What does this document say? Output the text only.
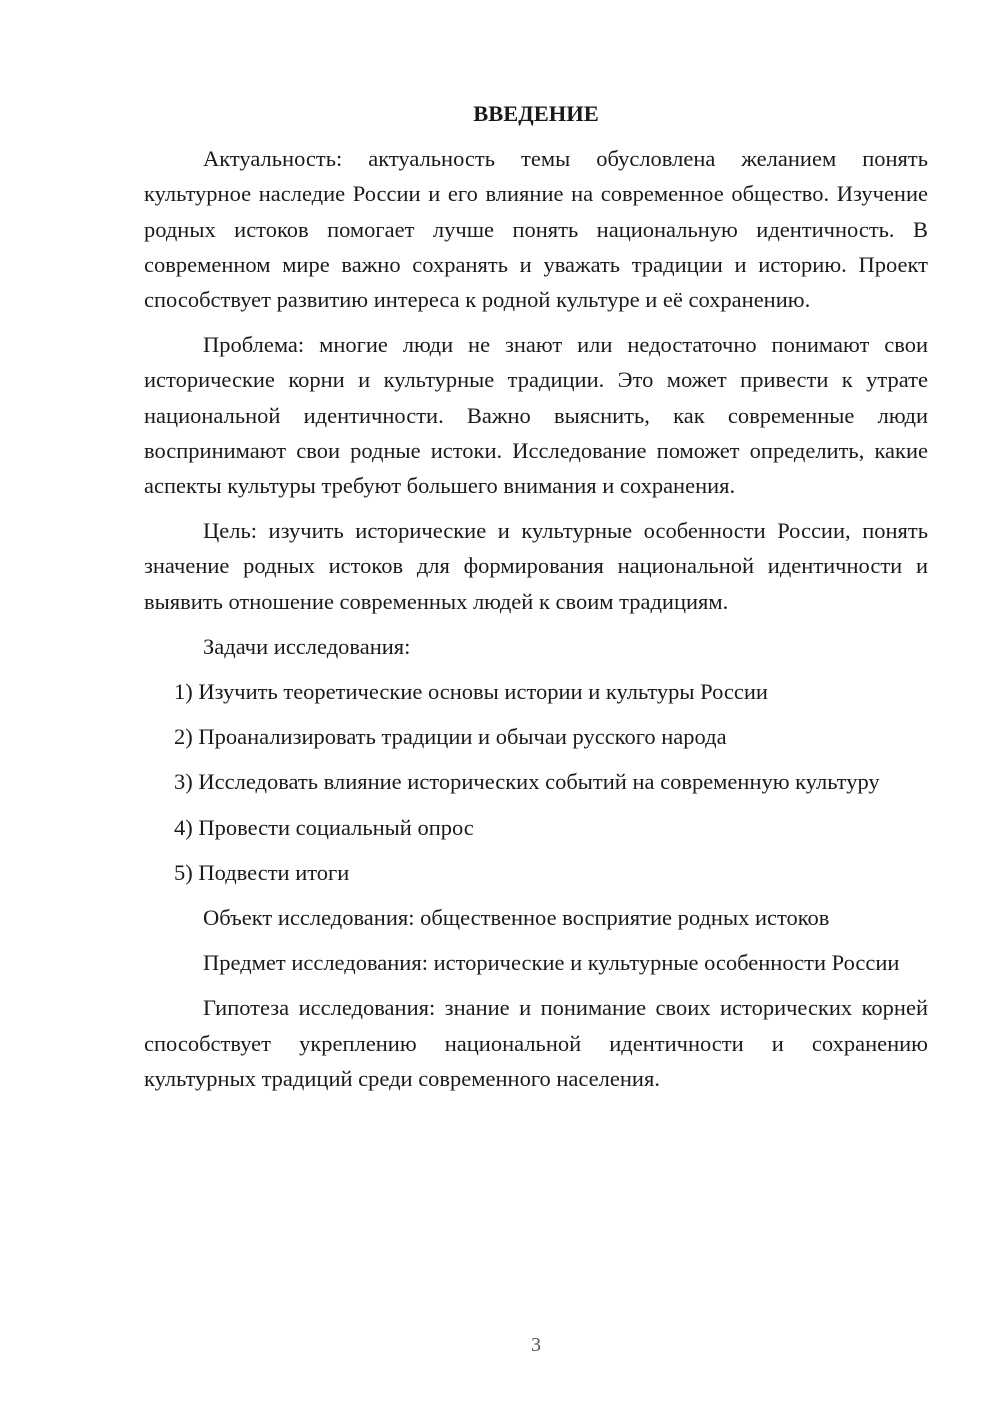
ВВЕДЕНИЕ

Актуальность: актуальность темы обусловлена желанием понять культурное наследие России и его влияние на современное общество. Изучение родных истоков помогает лучше понять национальную идентичность. В современном мире важно сохранять и уважать традиции и историю. Проект способствует развитию интереса к родной культуре и её сохранению.

Проблема: многие люди не знают или недостаточно понимают свои исторические корни и культурные традиции. Это может привести к утрате национальной идентичности. Важно выяснить, как современные люди воспринимают свои родные истоки. Исследование поможет определить, какие аспекты культуры требуют большего внимания и сохранения.

Цель: изучить исторические и культурные особенности России, понять значение родных истоков для формирования национальной идентичности и выявить отношение современных людей к своим традициям.

Задачи исследования:

1) Изучить теоретические основы истории и культуры России

2) Проанализировать традиции и обычаи русского народа

3) Исследовать влияние исторических событий на современную культуру

4) Провести социальный опрос

5) Подвести итоги

Объект исследования: общественное восприятие родных истоков

Предмет исследования: исторические и культурные особенности России

Гипотеза исследования: знание и понимание своих исторических корней способствует укреплению национальной идентичности и сохранению культурных традиций среди современного населения.

3
